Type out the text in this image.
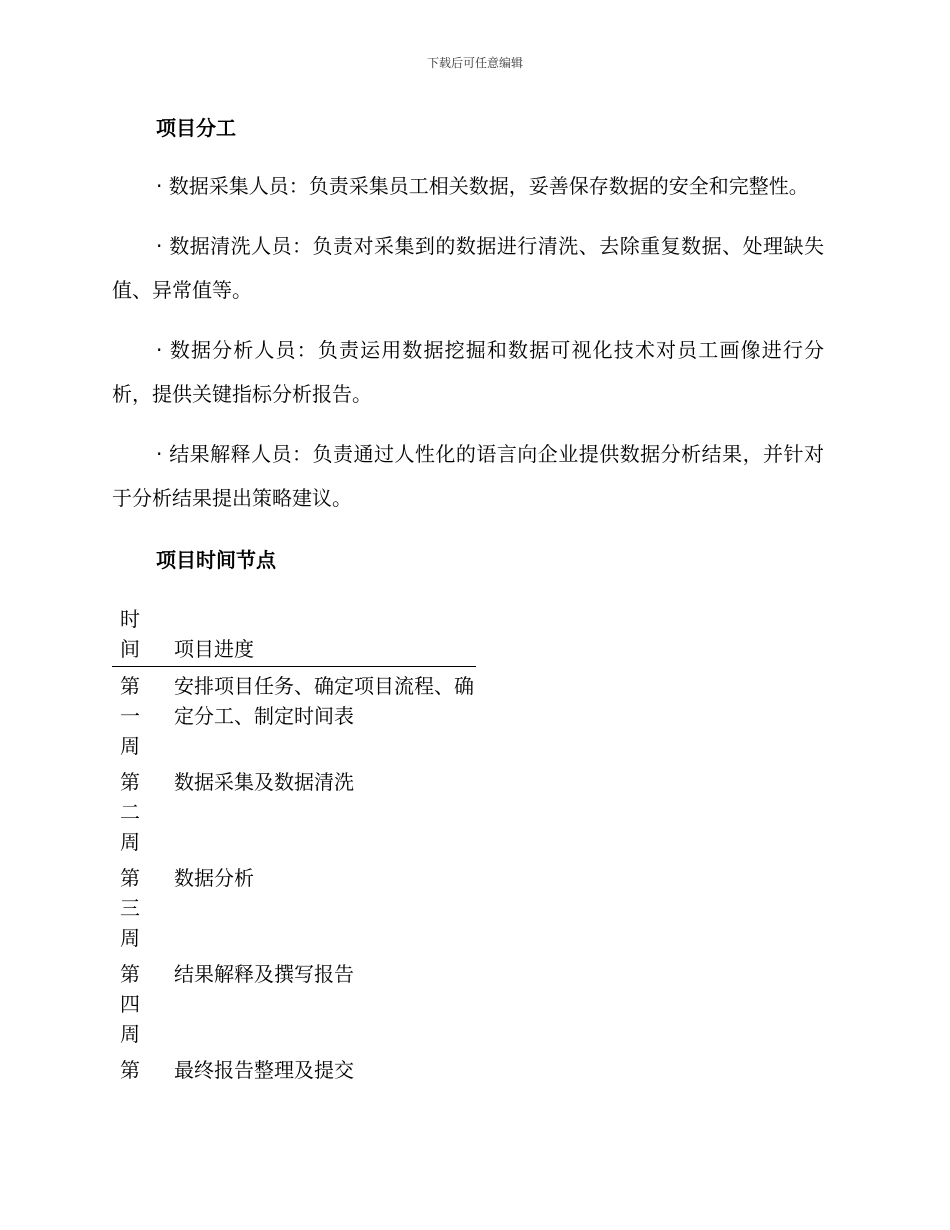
下载后可任意编辑
项目分工

· 数据采集人员：负责采集员工相关数据，妥善保存数据的安全和完整性。

· 数据清洗人员：负责对采集到的数据进行清洗、去除重复数据、处理缺失值、异常值等。

· 数据分析人员：负责运用数据挖掘和数据可视化技术对员工画像进行分析，提供关键指标分析报告。

· 结果解释人员：负责通过人性化的语言向企业提供数据分析结果，并针对于分析结果提出策略建议。

项目时间节点
时
间	项目进度

第
一
周	安排项目任务、确定项目流程、确定分工、制定时间表

第
二
周	数据采集及数据清洗

第
三
周	数据分析

第
四
周	结果解释及撰写报告

第	最终报告整理及提交
